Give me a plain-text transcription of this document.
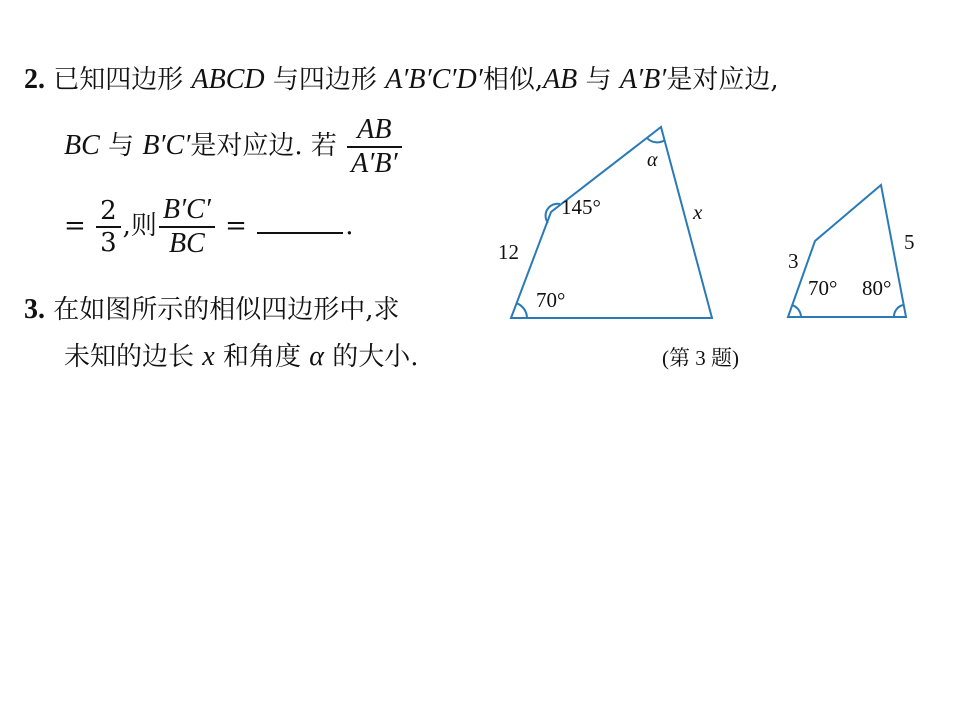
2. 已知四边形 ABCD 与四边形 A′B′C′D′相似,AB 与 A′B′是对应边,
BC 与 B′C′是对应边. 若 $\frac{AB}{A'B'}$
= $\frac{2}{3}$ ,则 $\frac{B'C'}{BC}$ =	.
3. 在如图所示的相似四边形中,求
未知的边长 x 和角度 α 的大小.
12
145°
70°
α
x
3
5
70° 80°
(第 3 题)
